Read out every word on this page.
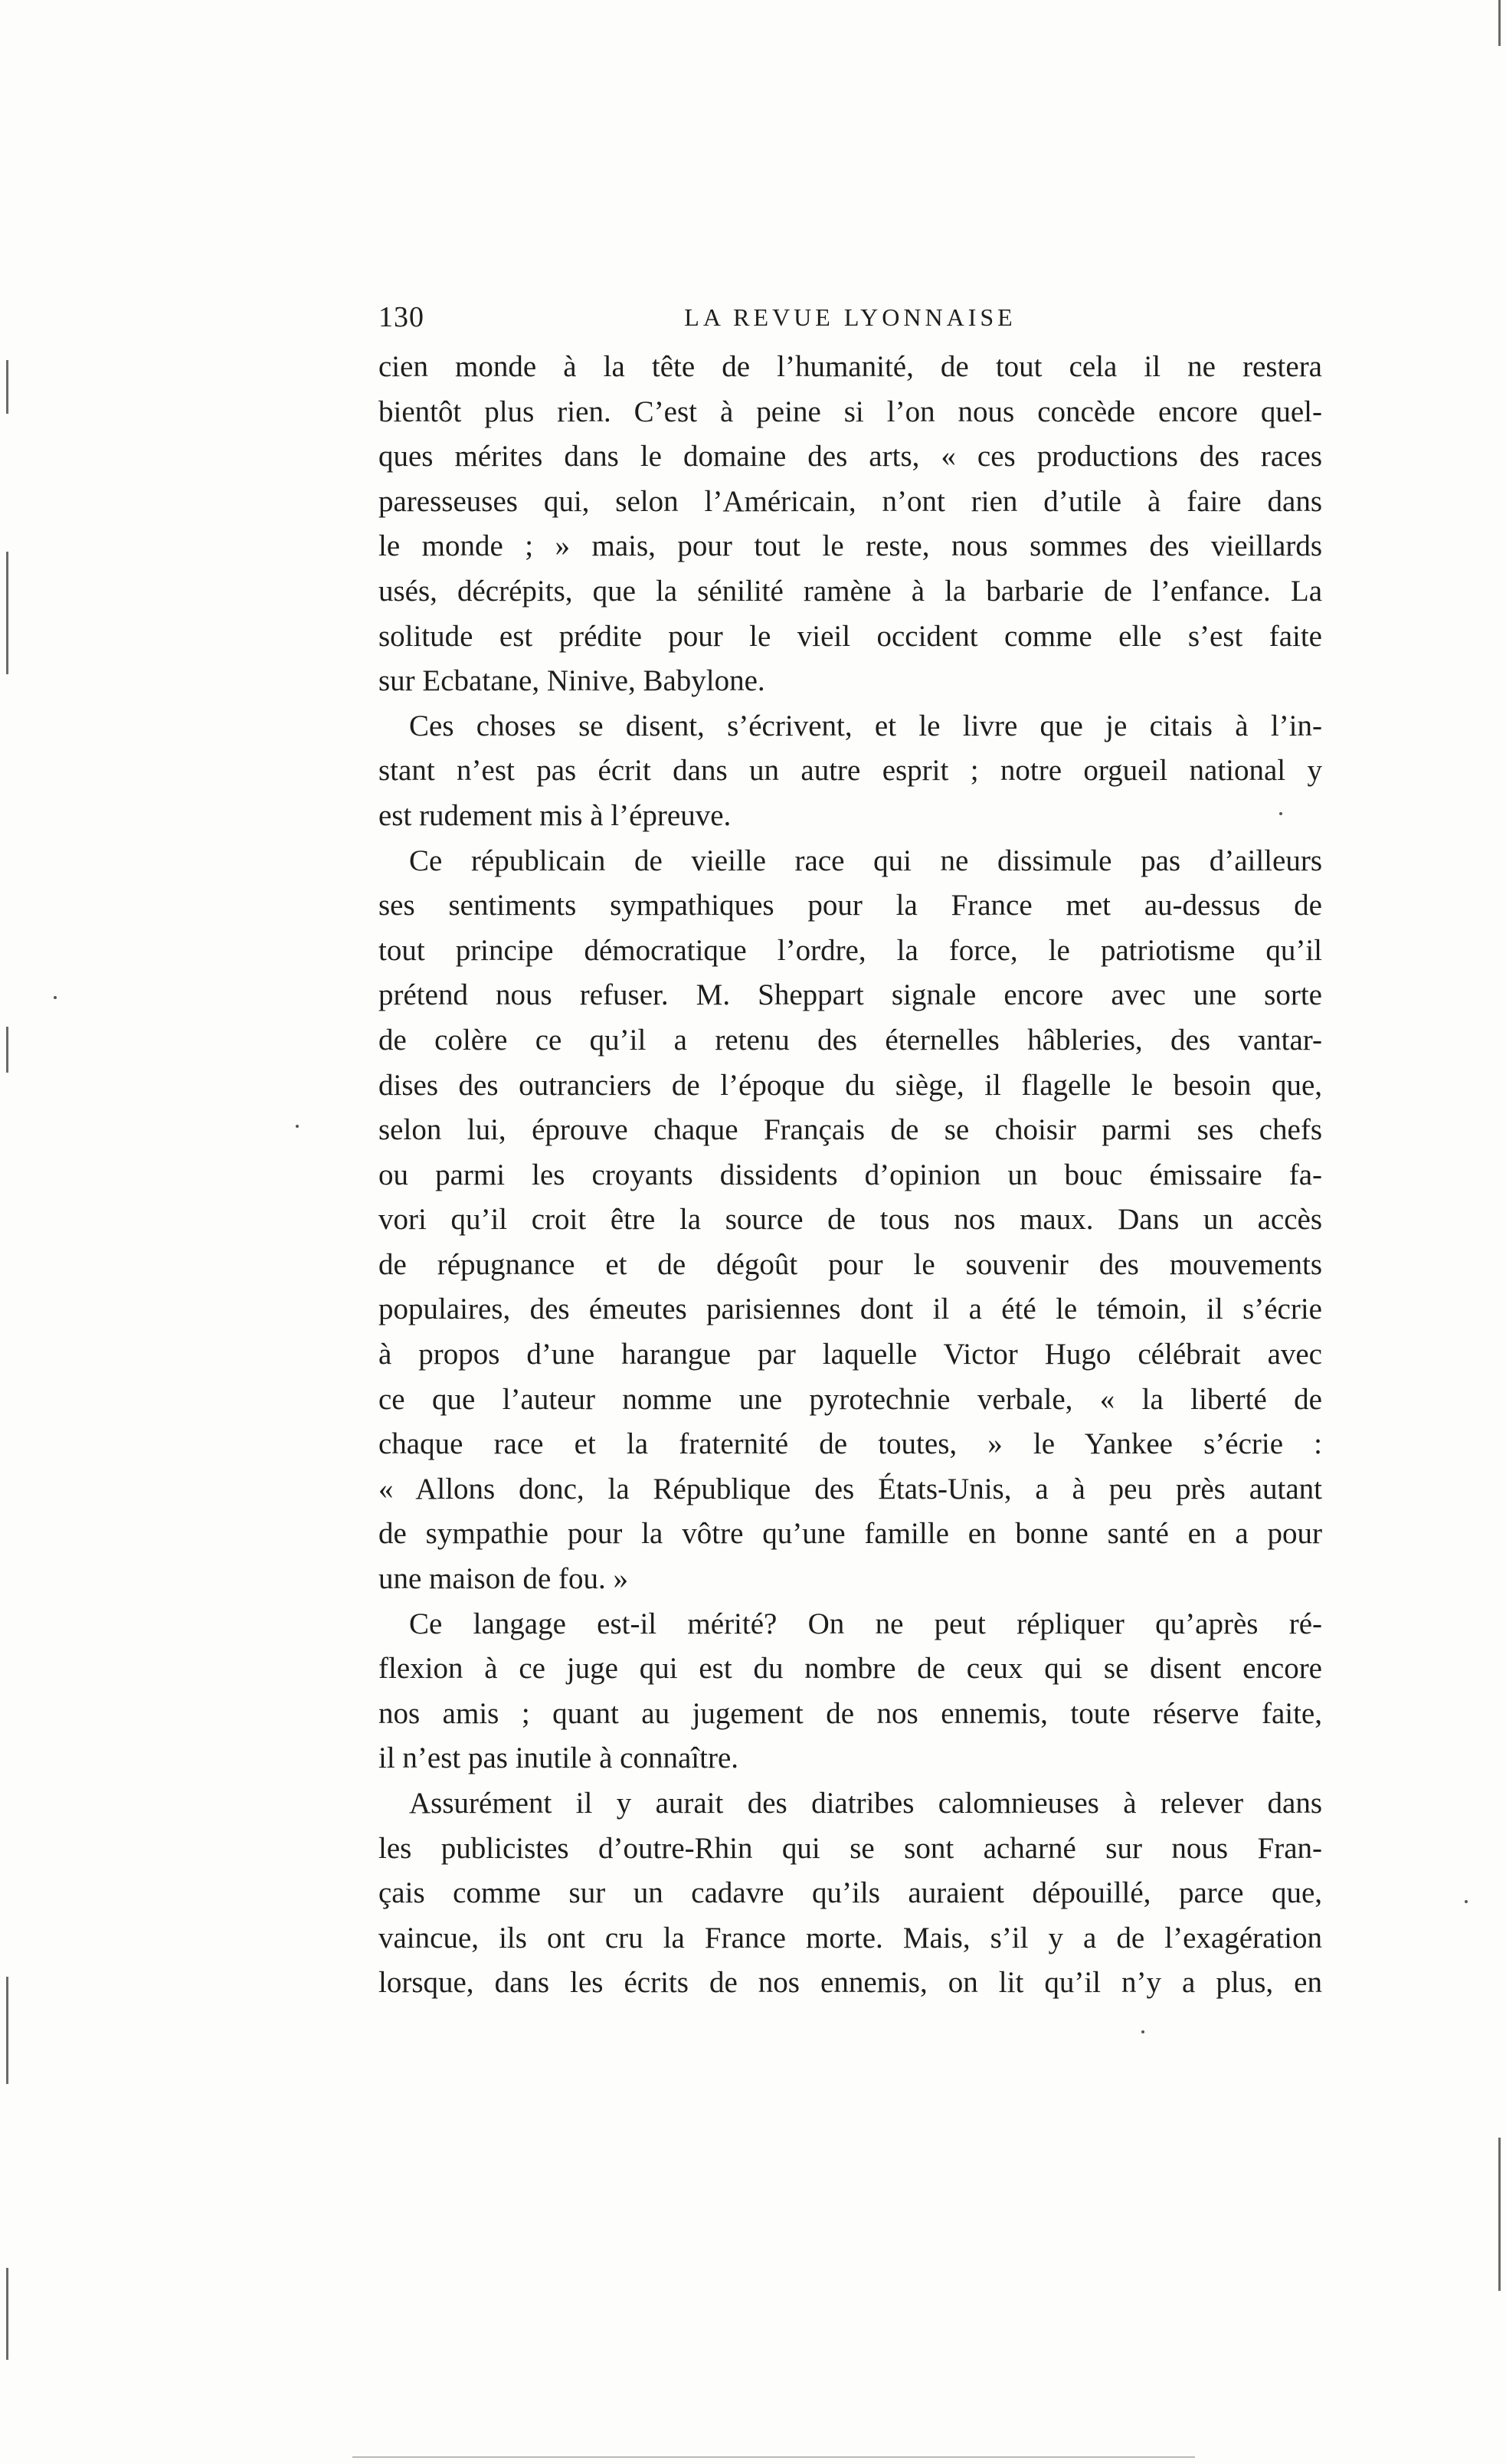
130	LA REVUE LYONNAISE
cien monde à la tête de l’humanité, de tout cela il ne restera
bientôt plus rien. C’est à peine si l’on nous concède encore quel-
ques mérites dans le domaine des arts, « ces productions des races
paresseuses qui, selon l’Américain, n’ont rien d’utile à faire dans
le monde ; » mais, pour tout le reste, nous sommes des vieillards
usés, décrépits, que la sénilité ramène à la barbarie de l’enfance. La
solitude est prédite pour le vieil occident comme elle s’est faite
sur Ecbatane, Ninive, Babylone.
Ces choses se disent, s’écrivent, et le livre que je citais à l’in-
stant n’est pas écrit dans un autre esprit ; notre orgueil national y
est rudement mis à l’épreuve.
Ce républicain de vieille race qui ne dissimule pas d’ailleurs
ses sentiments sympathiques pour la France met au-dessus de
tout principe démocratique l’ordre, la force, le patriotisme qu’il
prétend nous refuser. M. Sheppart signale encore avec une sorte
de colère ce qu’il a retenu des éternelles hâbleries, des vantar-
dises des outranciers de l’époque du siège, il flagelle le besoin que,
selon lui, éprouve chaque Français de se choisir parmi ses chefs
ou parmi les croyants dissidents d’opinion un bouc émissaire fa-
vori qu’il croit être la source de tous nos maux. Dans un accès
de répugnance et de dégoût pour le souvenir des mouvements
populaires, des émeutes parisiennes dont il a été le témoin, il s’écrie
à propos d’une harangue par laquelle Victor Hugo célébrait avec
ce que l’auteur nomme une pyrotechnie verbale, « la liberté de
chaque race et la fraternité de toutes, » le Yankee s’écrie :
« Allons donc, la République des États-Unis, a à peu près autant
de sympathie pour la vôtre qu’une famille en bonne santé en a pour
une maison de fou. »
Ce langage est-il mérité? On ne peut répliquer qu’après ré-
flexion à ce juge qui est du nombre de ceux qui se disent encore
nos amis ; quant au jugement de nos ennemis, toute réserve faite,
il n’est pas inutile à connaître.
Assurément il y aurait des diatribes calomnieuses à relever dans
les publicistes d’outre-Rhin qui se sont acharné sur nous Fran-
çais comme sur un cadavre qu’ils auraient dépouillé, parce que,
vaincue, ils ont cru la France morte. Mais, s’il y a de l’exagération
lorsque, dans les écrits de nos ennemis, on lit qu’il n’y a plus, en
